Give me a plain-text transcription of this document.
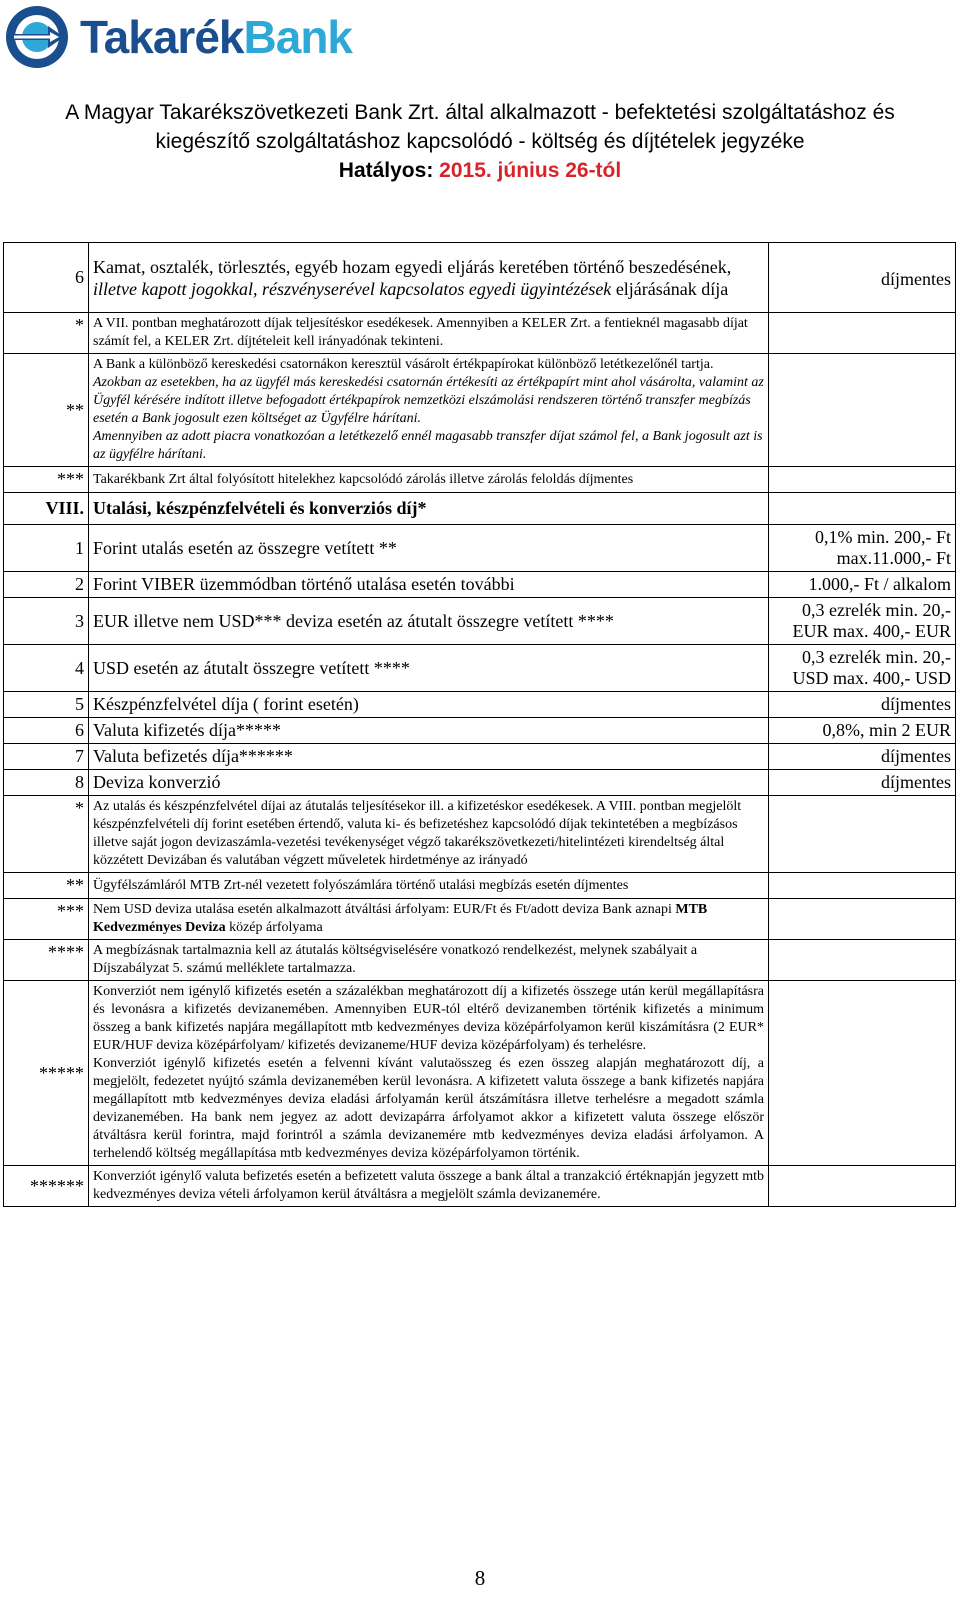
TakarékBank
A Magyar Takarékszövetkezeti Bank Zrt. által alkalmazott - befektetési szolgáltatáshoz és
kiegészítő szolgáltatáshoz kapcsolódó - költség és díjtételek jegyzéke
Hatályos: 2015. június 26-tól
6	Kamat, osztalék, törlesztés, egyéb hozam egyedi eljárás keretében történő beszedésének, illetve kapott jogokkal, részvényserével kapcsolatos egyedi ügyintézések eljárásának díja	díjmentes
*	A VII. pontban meghatározott díjak teljesítéskor esedékesek. Amennyiben a KELER Zrt. a fentieknél magasabb díjat számít fel, a KELER Zrt. díjtételeit kell irányadónak tekinteni.	
**	A Bank a különböző kereskedési csatornákon keresztül vásárolt értékpapírokat különböző letétkezelőnél tartja.
Azokban az esetekben, ha az ügyfél más kereskedési csatornán értékesíti az értékpapírt mint ahol vásárolta, valamint az Ügyfél kérésére indított illetve befogadott értékpapírok nemzetközi elszámolási rendszeren történő transzfer megbízás esetén a Bank jogosult ezen költséget az Ügyfélre hárítani.
Amennyiben az adott piacra vonatkozóan a letétkezelő ennél magasabb transzfer díjat számol fel, a Bank jogosult azt is az ügyfélre hárítani.	

***	Takarékbank Zrt által folyósított hitelekhez kapcsolódó zárolás illetve zárolás feloldás díjmentes	
VIII.	Utalási, készpénzfelvételi és konverziós díj*	
1	Forint utalás esetén az összegre vetített **	0,1% min. 200,- Ft max.11.000,- Ft
2	Forint VIBER üzemmódban történő utalása esetén további	1.000,- Ft / alkalom
3	EUR illetve nem USD*** deviza esetén az átutalt összegre vetített ****	0,3 ezrelék min. 20,- EUR max. 400,- EUR
4	USD esetén az átutalt összegre vetített ****	0,3 ezrelék min. 20,- USD max. 400,- USD
5	Készpénzfelvétel díja ( forint esetén)	díjmentes
6	Valuta kifizetés díja*****	0,8%, min 2 EUR
7	Valuta befizetés díja******	díjmentes
8	Deviza konverzió	díjmentes
*	Az utalás és készpénzfelvétel díjai az átutalás teljesítésekor ill. a kifizetéskor esedékesek. A VIII. pontban megjelölt készpénzfelvételi díj forint esetében értendő, valuta ki- és befizetéshez kapcsolódó díjak tekintetében a megbízásos illetve saját jogon devizaszámla-vezetési tevékenységet végző takarékszövetkezeti/hitelintézeti kirendeltség által közzétett Devizában és valutában végzett műveletek hirdetménye az irányadó	
**	Ügyfélszámláról MTB Zrt-nél vezetett folyószámlára történő utalási megbízás esetén díjmentes	
***	Nem USD deviza utalása esetén alkalmazott átváltási árfolyam: EUR/Ft és Ft/adott deviza Bank aznapi MTB Kedvezményes Deviza közép árfolyama	
****	A megbízásnak tartalmaznia kell az átutalás költségviselésére vonatkozó rendelkezést, melynek szabályait a Díjszabályzat 5. számú melléklete tartalmazza.	
*****	Konverziót nem igénylő kifizetés esetén a százalékban meghatározott díj a kifizetés összege után kerül megállapításra és levonásra a kifizetés devizanemében. Amennyiben EUR-tól eltérő devizanemben történik kifizetés a minimum összeg a bank kifizetés napjára megállapított mtb kedvezményes deviza középárfolyamon kerül kiszámításra (2 EUR* EUR/HUF deviza középárfolyam/ kifizetés devizaneme/HUF deviza középárfolyam) és terhelésre.
Konverziót igénylő kifizetés esetén a felvenni kívánt valutaösszeg és ezen összeg alapján meghatározott díj, a megjelölt, fedezetet nyújtó számla devizanemében kerül levonásra. A kifizetett valuta összege a bank kifizetés napjára megállapított mtb kedvezményes deviza eladási árfolyamán kerül átszámításra illetve terhelésre a megadott számla devizanemében. Ha bank nem jegyez az adott devizapárra árfolyamot akkor a kifizetett valuta összege először átváltásra kerül forintra, majd forintról a számla devizanemére mtb kedvezményes deviza eladási árfolyamon. A terhelendő költség megállapítása mtb kedvezményes deviza középárfolyamon történik.	

******	Konverziót igénylő valuta befizetés esetén a befizetett valuta összege a bank által a tranzakció értéknapján jegyzett mtb kedvezményes deviza vételi árfolyamon kerül átváltásra a megjelölt számla devizanemére.	
8
